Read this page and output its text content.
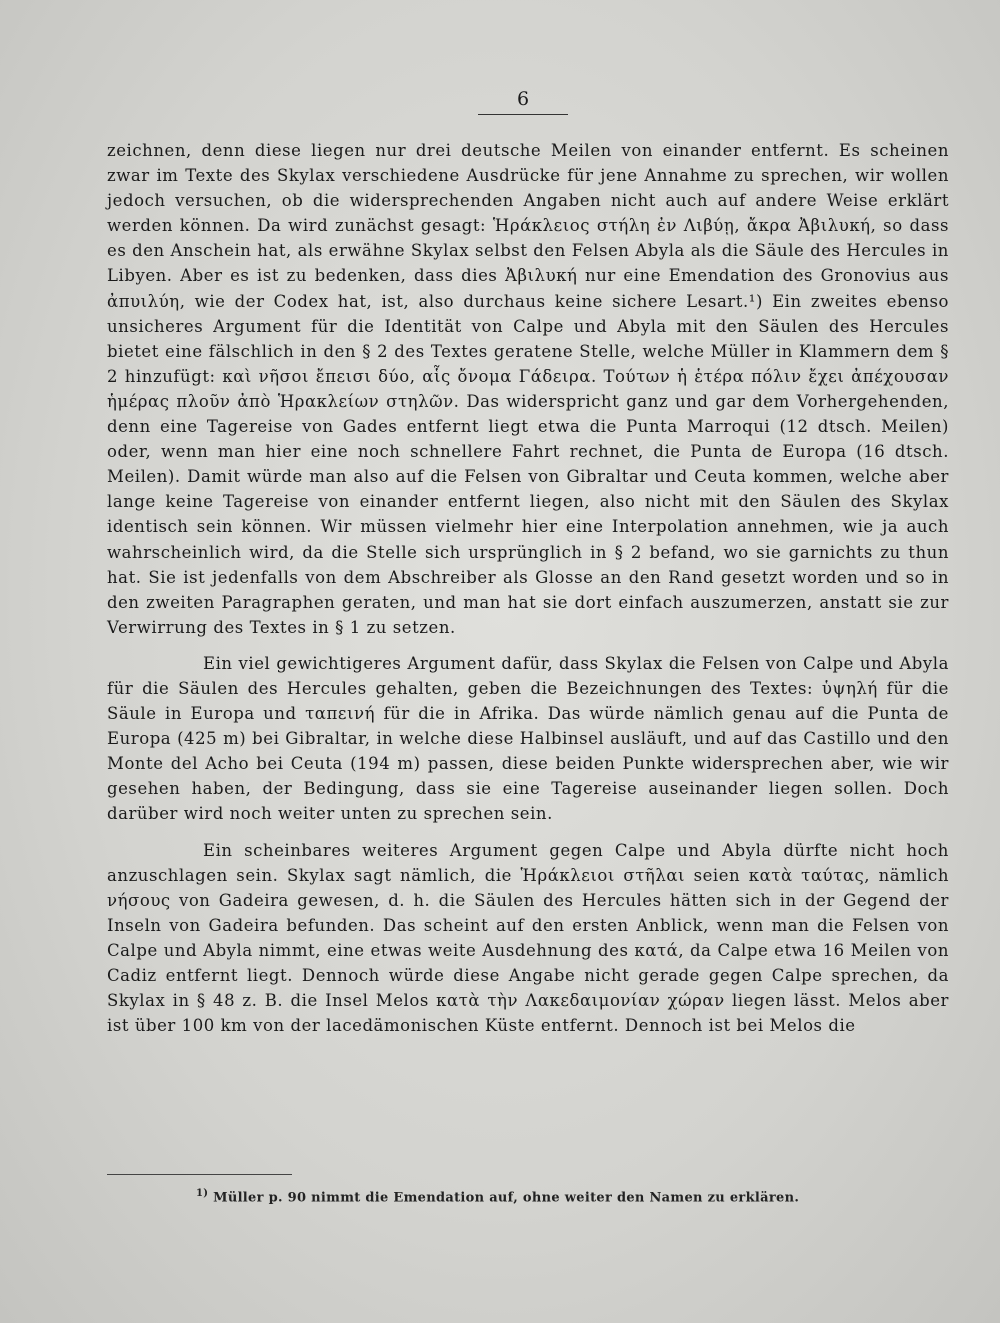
6

zeichnen, denn diese liegen nur drei deutsche Meilen von einander entfernt. Es scheinen zwar im Texte des Skylax verschiedene Ausdrücke für jene Annahme zu sprechen, wir wollen jedoch versuchen, ob die widersprechenden Angaben nicht auch auf andere Weise erklärt werden können. Da wird zunächst gesagt: Ἡράκλειος στήλη ἐν Λιβύῃ, ἄκρα Ἀβιλυκή, so dass es den Anschein hat, als erwähne Skylax selbst den Felsen Abyla als die Säule des Hercules in Libyen. Aber es ist zu bedenken, dass dies Ἀβιλυκή nur eine Emendation des Gronovius aus ἀπυιλύη, wie der Codex hat, ist, also durchaus keine sichere Lesart.¹) Ein zweites ebenso unsicheres Argument für die Identität von Calpe und Abyla mit den Säulen des Hercules bietet eine fälschlich in den § 2 des Textes geratene Stelle, welche Müller in Klammern dem § 2 hinzufügt: καὶ νῆσοι ἔπεισι δύο, αἷς ὄνομα Γάδειρα. Τούτων ἡ ἑτέρα πόλιν ἔχει ἀπέχουσαν ἡμέρας πλοῦν ἀπὸ Ἡρακλείων στηλῶν. Das widerspricht ganz und gar dem Vorhergehenden, denn eine Tagereise von Gades entfernt liegt etwa die Punta Marroqui (12 dtsch. Meilen) oder, wenn man hier eine noch schnellere Fahrt rechnet, die Punta de Europa (16 dtsch. Meilen). Damit würde man also auf die Felsen von Gibraltar und Ceuta kommen, welche aber lange keine Tagereise von einander entfernt liegen, also nicht mit den Säulen des Skylax identisch sein können. Wir müssen vielmehr hier eine Interpolation annehmen, wie ja auch wahrscheinlich wird, da die Stelle sich ursprünglich in § 2 befand, wo sie garnichts zu thun hat. Sie ist jedenfalls von dem Abschreiber als Glosse an den Rand gesetzt worden und so in den zweiten Paragraphen geraten, und man hat sie dort einfach auszumerzen, anstatt sie zur Verwirrung des Textes in § 1 zu setzen.

Ein viel gewichtigeres Argument dafür, dass Skylax die Felsen von Calpe und Abyla für die Säulen des Hercules gehalten, geben die Bezeichnungen des Textes: ὑψηλή für die Säule in Europa und ταπεινή für die in Afrika. Das würde nämlich genau auf die Punta de Europa (425 m) bei Gibraltar, in welche diese Halbinsel ausläuft, und auf das Castillo und den Monte del Acho bei Ceuta (194 m) passen, diese beiden Punkte widersprechen aber, wie wir gesehen haben, der Bedingung, dass sie eine Tagereise auseinander liegen sollen. Doch darüber wird noch weiter unten zu sprechen sein.

Ein scheinbares weiteres Argument gegen Calpe und Abyla dürfte nicht hoch anzuschlagen sein. Skylax sagt nämlich, die Ἡράκλειοι στῆλαι seien κατὰ ταύτας, nämlich νήσους von Gadeira gewesen, d. h. die Säulen des Hercules hätten sich in der Gegend der Inseln von Gadeira befunden. Das scheint auf den ersten Anblick, wenn man die Felsen von Calpe und Abyla nimmt, eine etwas weite Ausdehnung des κατά, da Calpe etwa 16 Meilen von Cadiz entfernt liegt. Dennoch würde diese Angabe nicht gerade gegen Calpe sprechen, da Skylax in § 48 z. B. die Insel Melos κατὰ τὴν Λακεδαιμονίαν χώραν liegen lässt. Melos aber ist über 100 km von der lacedämonischen Küste entfernt. Dennoch ist bei Melos die

$^{1)}$ Müller p. 90 nimmt die Emendation auf, ohne weiter den Namen zu erklären.
